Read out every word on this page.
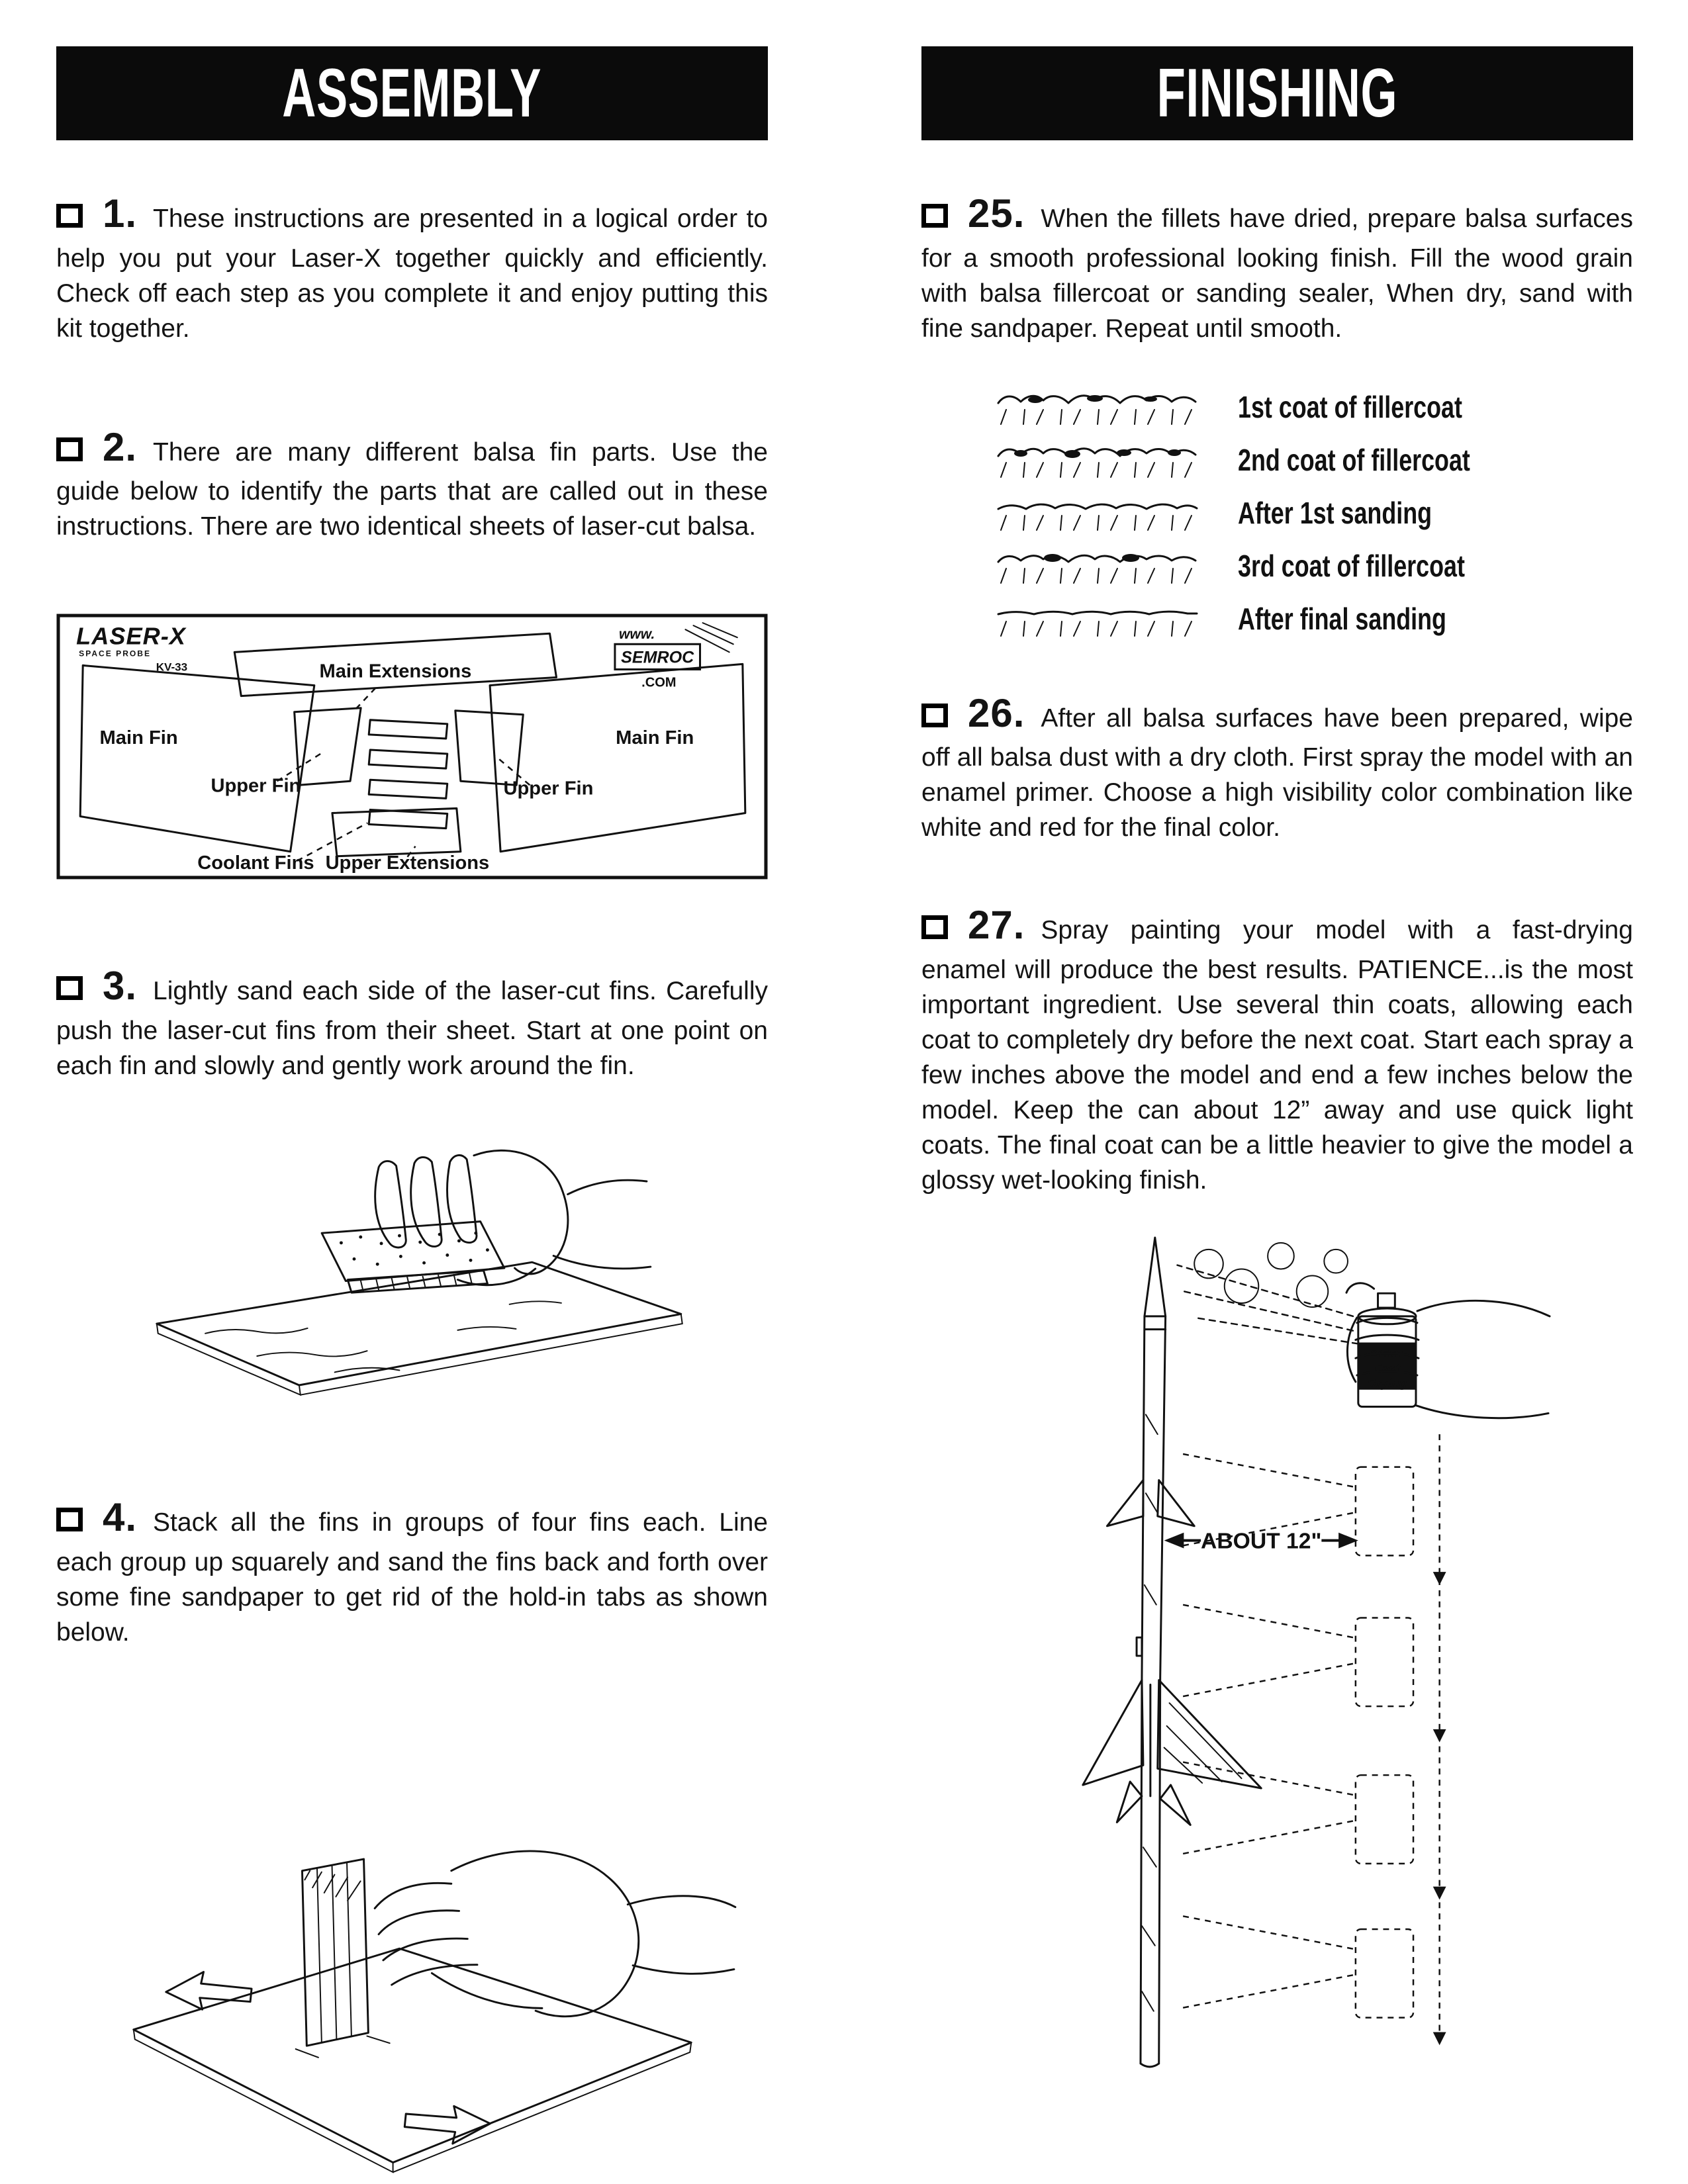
ASSEMBLY

1. These instructions are presented in a logical order to help you put your Laser-X together quickly and efficiently. Check off each step as you complete it and enjoy putting this kit together.

2. There are many different balsa fin parts. Use the guide below to identify the parts that are called out in these instructions. There are two identical sheets of laser-cut balsa.

LASER-X
SPACE PROBE
KV-33
www.
SEMROC
.COM
Main Extensions
Main Fin	Main Fin
Upper Fin	Upper Fin
Coolant Fins Upper Extensions

3. Lightly sand each side of the laser-cut fins. Carefully push the laser-cut fins from their sheet. Start at one point on each fin and slowly and gently work around the fin.

4. Stack all the fins in groups of four fins each. Line each group up squarely and sand the fins back and forth over some fine sandpaper to get rid of the hold-in tabs as shown below.

FINISHING

25. When the fillets have dried, prepare balsa surfaces for a smooth professional looking finish. Fill the wood grain with balsa fillercoat or sanding sealer, When dry, sand with fine sandpaper. Repeat until smooth.

1st coat of fillercoat
2nd coat of fillercoat
After 1st sanding
3rd coat of fillercoat
After final sanding

26. After all balsa surfaces have been prepared, wipe off all balsa dust with a dry cloth. First spray the model with an enamel primer. Choose a high visibility color combination like white and red for the final color.

27. Spray painting your model with a fast-drying enamel will produce the best results. PATIENCE...is the most important ingredient. Use several thin coats, allowing each coat to completely dry before the next coat. Start each spray a few inches above the model and end a few inches below the model. Keep the can about 12” away and use quick light coats. The final coat can be a little heavier to give the model a glossy wet-looking finish.

ABOUT 12"
SPRAY
Fast
Drying
